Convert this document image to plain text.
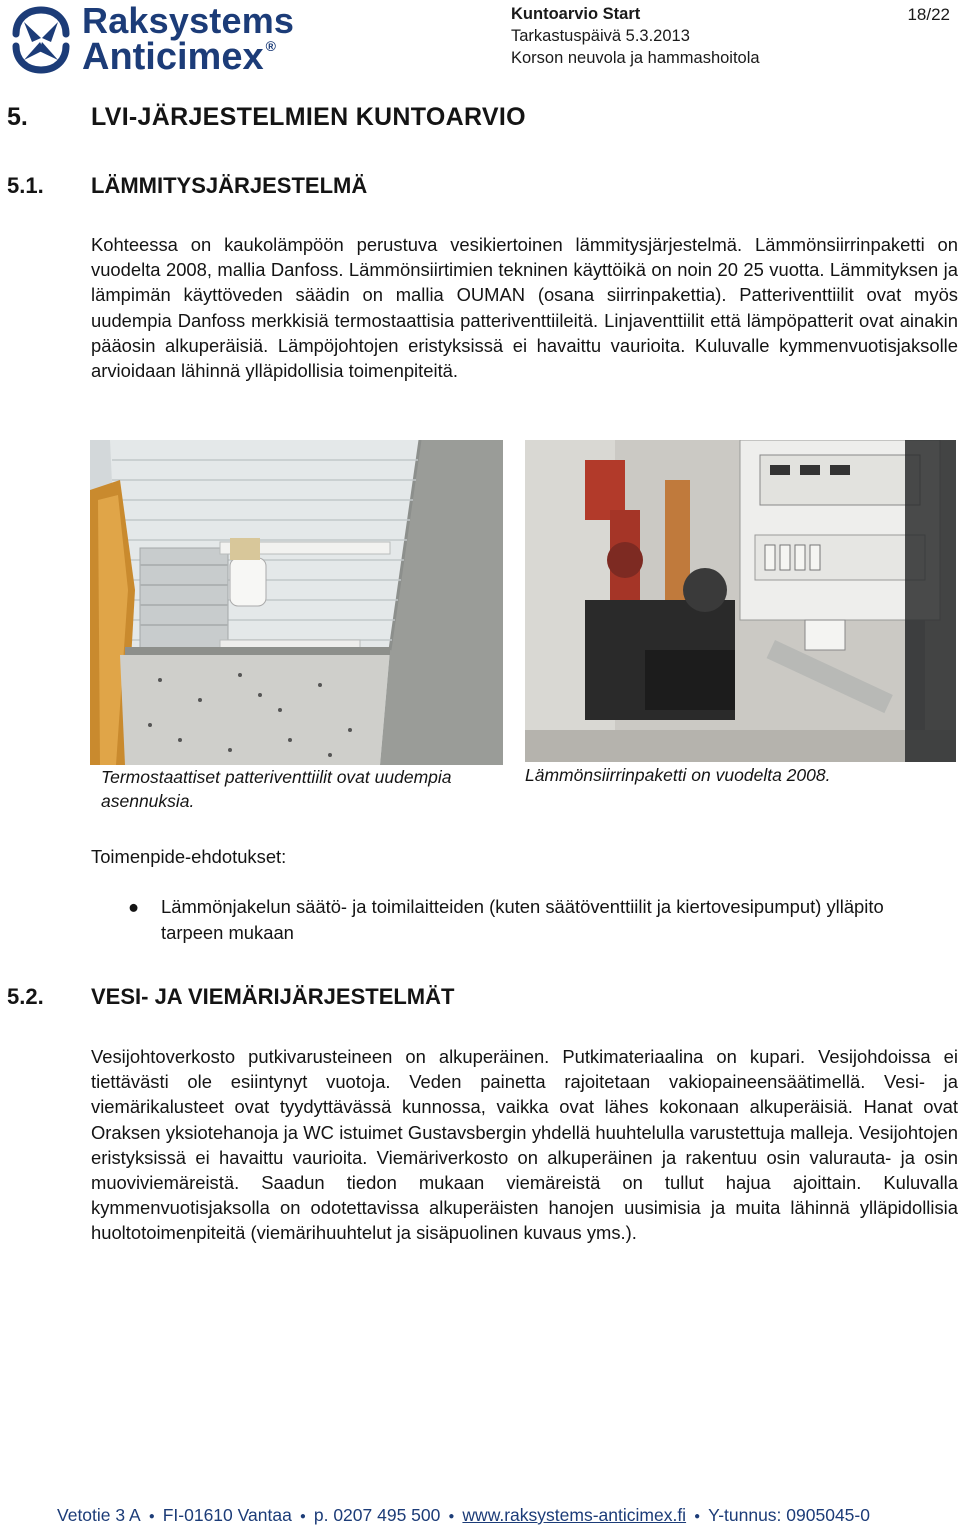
Raksystems
Anticimex ®
Kuntoarvio Start
Tarkastuspäivä 5.3.2013
Korson neuvola ja hammashoitola
18/22
5.	LVI-JÄRJESTELMIEN KUNTOARVIO
5.1. LÄMMITYSJÄRJESTELMÄ
Kohteessa on kaukolämpöön perustuva vesikiertoinen lämmitysjärjestelmä. Lämmönsiirrinpaketti on vuodelta 2008, mallia Danfoss. Lämmönsiirtimien tekninen käyttöikä on noin 20 25 vuotta. Lämmityksen ja lämpimän käyttöveden säädin on mallia OUMAN (osana siirrinpakettia). Patteriventtiilit ovat myös uudempia Danfoss merkkisiä termostaattisia patteriventtiileitä. Linjaventtiilit että lämpöpatterit ovat ainakin pääosin alkuperäisiä. Lämpöjohtojen eristyksissä ei havaittu vaurioita. Kuluvalle kymmenvuotisjaksolle arvioidaan lähinnä ylläpidollisia toimenpiteitä.
Termostaattiset patteriventtiilit ovat uudempia asennuksia.
Lämmönsiirrinpaketti on vuodelta 2008.
Toimenpide-ehdotukset:
● Lämmönjakelun säätö- ja toimilaitteiden (kuten säätöventtiilit ja kiertovesipumput) ylläpito tarpeen mukaan
5.2. VESI- JA VIEMÄRIJÄRJESTELMÄT
Vesijohtoverkosto putkivarusteineen on alkuperäinen. Putkimateriaalina on kupari. Vesijohdoissa ei tiettävästi ole esiintynyt vuotoja. Veden painetta rajoitetaan vakiopaineensäätimellä. Vesi- ja viemärikalusteet ovat tyydyttävässä kunnossa, vaikka ovat lähes kokonaan alkuperäisiä. Hanat ovat Oraksen yksiotehanoja ja WC istuimet Gustavsbergin yhdellä huuhtelulla varustettuja malleja. Vesijohtojen eristyksissä ei havaittu vaurioita. Viemäriverkosto on alkuperäinen ja rakentuu osin valurauta- ja osin muoviviemäreistä. Saadun tiedon mukaan viemäreistä on tullut hajua ajoittain. Kuluvalla kymmenvuotisjaksolla on odotettavissa alkuperäisten hanojen uusimisia ja muita lähinnä ylläpidollisia huoltotoimenpiteitä (viemärihuuhtelut ja sisäpuolinen kuvaus yms.).
Vetotie 3 A ● FI-01610 Vantaa ● p. 0207 495 500 ● www.raksystems-anticimex.fi ● Y-tunnus: 0905045-0
